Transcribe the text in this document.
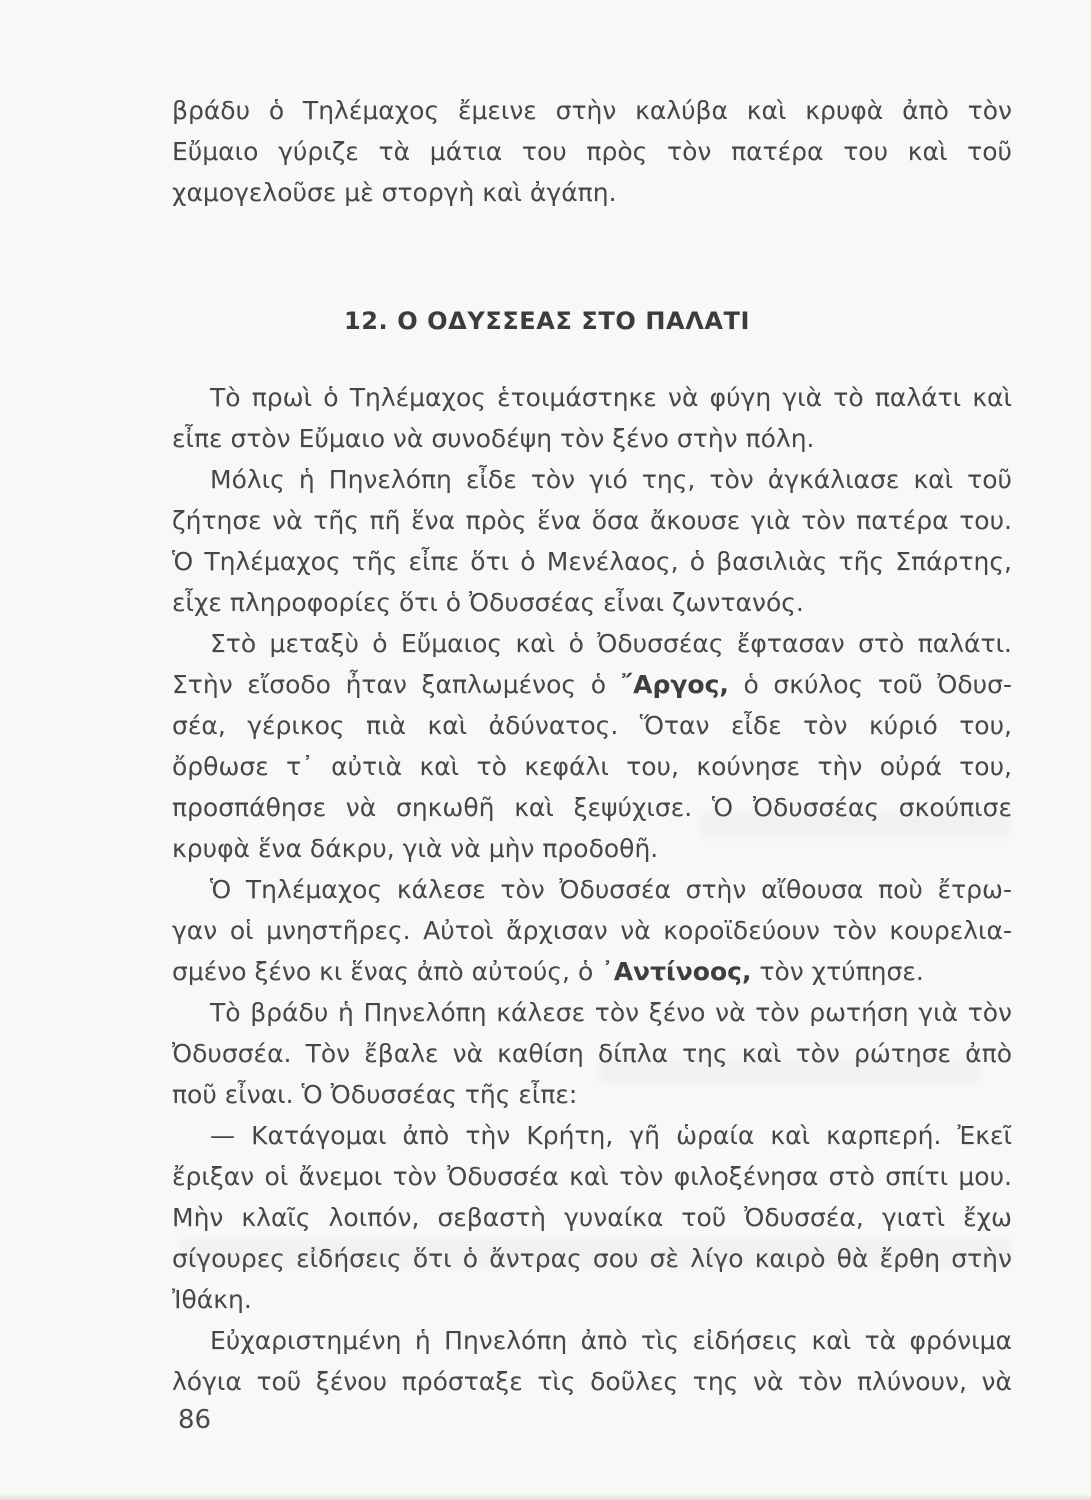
βράδυ ὁ Τηλέμαχος ἔμεινε στὴν καλύβα καὶ κρυφὰ ἀπὸ τὸν
Εὔμαιο γύριζε τὰ μάτια του πρὸς τὸν πατέρα του καὶ τοῦ
χαμογελοῦσε μὲ στοργὴ καὶ ἀγάπη.

12. Ο ΟΔΥΣΣΕΑΣ ΣΤΟ ΠΑΛΑΤΙ

Τὸ πρωὶ ὁ Τηλέμαχος ἑτοιμάστηκε νὰ φύγη γιὰ τὸ παλάτι καὶ
εἶπε στὸν Εὔμαιο νὰ συνοδέψη τὸν ξένο στὴν πόλη.

Μόλις ἡ Πηνελόπη εἶδε τὸν γιό της, τὸν ἀγκάλιασε καὶ τοῦ
ζήτησε νὰ τῆς πῆ ἕνα πρὸς ἕνα ὅσα ἄκουσε γιὰ τὸν πατέρα του.
Ὁ Τηλέμαχος τῆς εἶπε ὅτι ὁ Μενέλαος, ὁ βασιλιὰς τῆς Σπάρτης,
εἶχε πληροφορίες ὅτι ὁ Ὀδυσσέας εἶναι ζωντανός.

Στὸ μεταξὺ ὁ Εὔμαιος καὶ ὁ Ὀδυσσέας ἔφτασαν στὸ παλάτι.
Στὴν εἴσοδο ἦταν ξαπλωμένος ὁ ῎Αργος, ὁ σκύλος τοῦ Ὀδυσ-
σέα, γέρικος πιὰ καὶ ἀδύνατος. Ὅταν εἶδε τὸν κύριό του,
ὄρθωσε τ᾿ αὐτιὰ καὶ τὸ κεφάλι του, κούνησε τὴν οὐρά του,
προσπάθησε νὰ σηκωθῆ καὶ ξεψύχισε. Ὁ Ὀδυσσέας σκούπισε
κρυφὰ ἕνα δάκρυ, γιὰ νὰ μὴν προδοθῆ.

Ὁ Τηλέμαχος κάλεσε τὸν Ὀδυσσέα στὴν αἴθουσα ποὺ ἔτρω-
γαν οἱ μνηστῆρες. Αὐτοὶ ἄρχισαν νὰ κοροϊδεύουν τὸν κουρελια-
σμένο ξένο κι ἕνας ἀπὸ αὐτούς, ὁ ᾿Αντίνοος, τὸν χτύπησε.

Τὸ βράδυ ἡ Πηνελόπη κάλεσε τὸν ξένο νὰ τὸν ρωτήση γιὰ τὸν
Ὀδυσσέα. Τὸν ἔβαλε νὰ καθίση δίπλα της καὶ τὸν ρώτησε ἀπὸ
ποῦ εἶναι. Ὁ Ὀδυσσέας τῆς εἶπε:

— Κατάγομαι ἀπὸ τὴν Κρήτη, γῆ ὡραία καὶ καρπερή. Ἐκεῖ
ἔριξαν οἱ ἄνεμοι τὸν Ὀδυσσέα καὶ τὸν φιλοξένησα στὸ σπίτι μου.
Μὴν κλαῖς λοιπόν, σεβαστὴ γυναίκα τοῦ Ὀδυσσέα, γιατὶ ἔχω
σίγουρες εἰδήσεις ὅτι ὁ ἄντρας σου σὲ λίγο καιρὸ θὰ ἔρθη στὴν
Ἰθάκη.

Εὐχαριστημένη ἡ Πηνελόπη ἀπὸ τὶς εἰδήσεις καὶ τὰ φρόνιμα
λόγια τοῦ ξένου πρόσταξε τὶς δοῦλες της νὰ τὸν πλύνουν, νὰ

86
